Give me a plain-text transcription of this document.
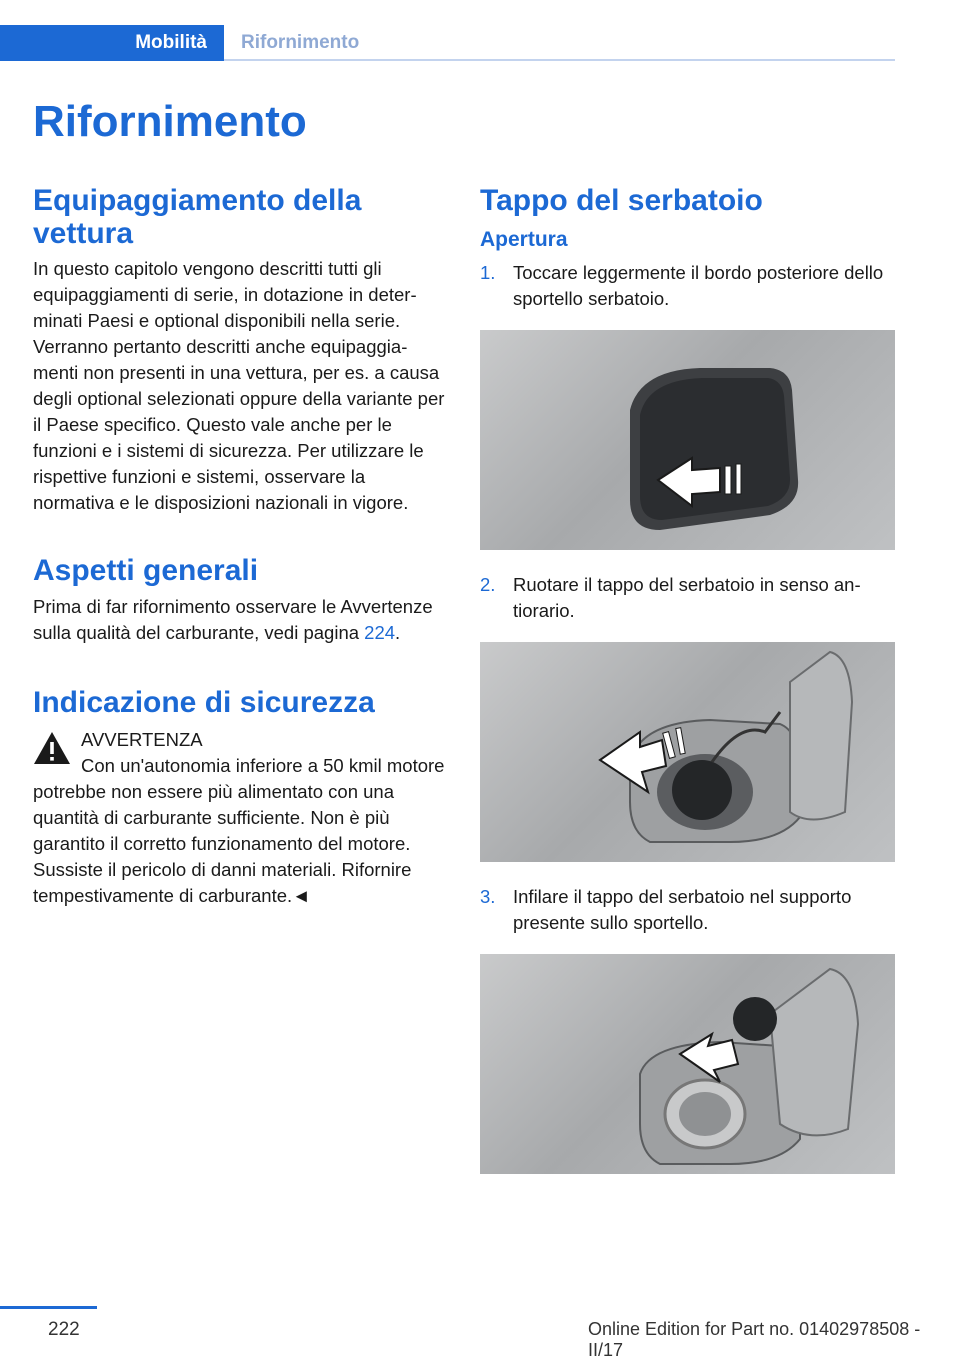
Mobilità	Rifornimento
Rifornimento
Equipaggiamento della vettura

In questo capitolo vengono descritti tutti gli equipaggiamenti di serie, in dotazione in determinati Paesi e optional disponibili nella serie. Verranno pertanto descritti anche equipaggiamenti non presenti in una vettura, per es. a causa degli optional selezionati oppure della variante per il Paese specifico. Questo vale anche per le funzioni e i sistemi di sicurezza. Per utilizzare le rispettive funzioni e sistemi, osservare la normativa e le disposizioni nazionali in vigore.

Aspetti generali

Prima di far rifornimento osservare le Avvertenze sulla qualità del carburante, vedi pagina 224.

Indicazione di sicurezza
AVVERTENZA

Con un'autonomia inferiore a 50 kmil motore potrebbe non essere più alimentato con una quantità di carburante sufficiente. Non è più garantito il corretto funzionamento del motore. Sussiste il pericolo di danni materiali. Rifornire tempestivamente di carburante.◄

Tappo del serbatoio
Apertura
1. Toccare leggermente il bordo posteriore dello sportello serbatoio.
2. Ruotare il tappo del serbatoio in senso antiorario.
3. Infilare il tappo del serbatoio nel supporto presente sullo sportello.
222	Online Edition for Part no. 01402978508 - II/17
